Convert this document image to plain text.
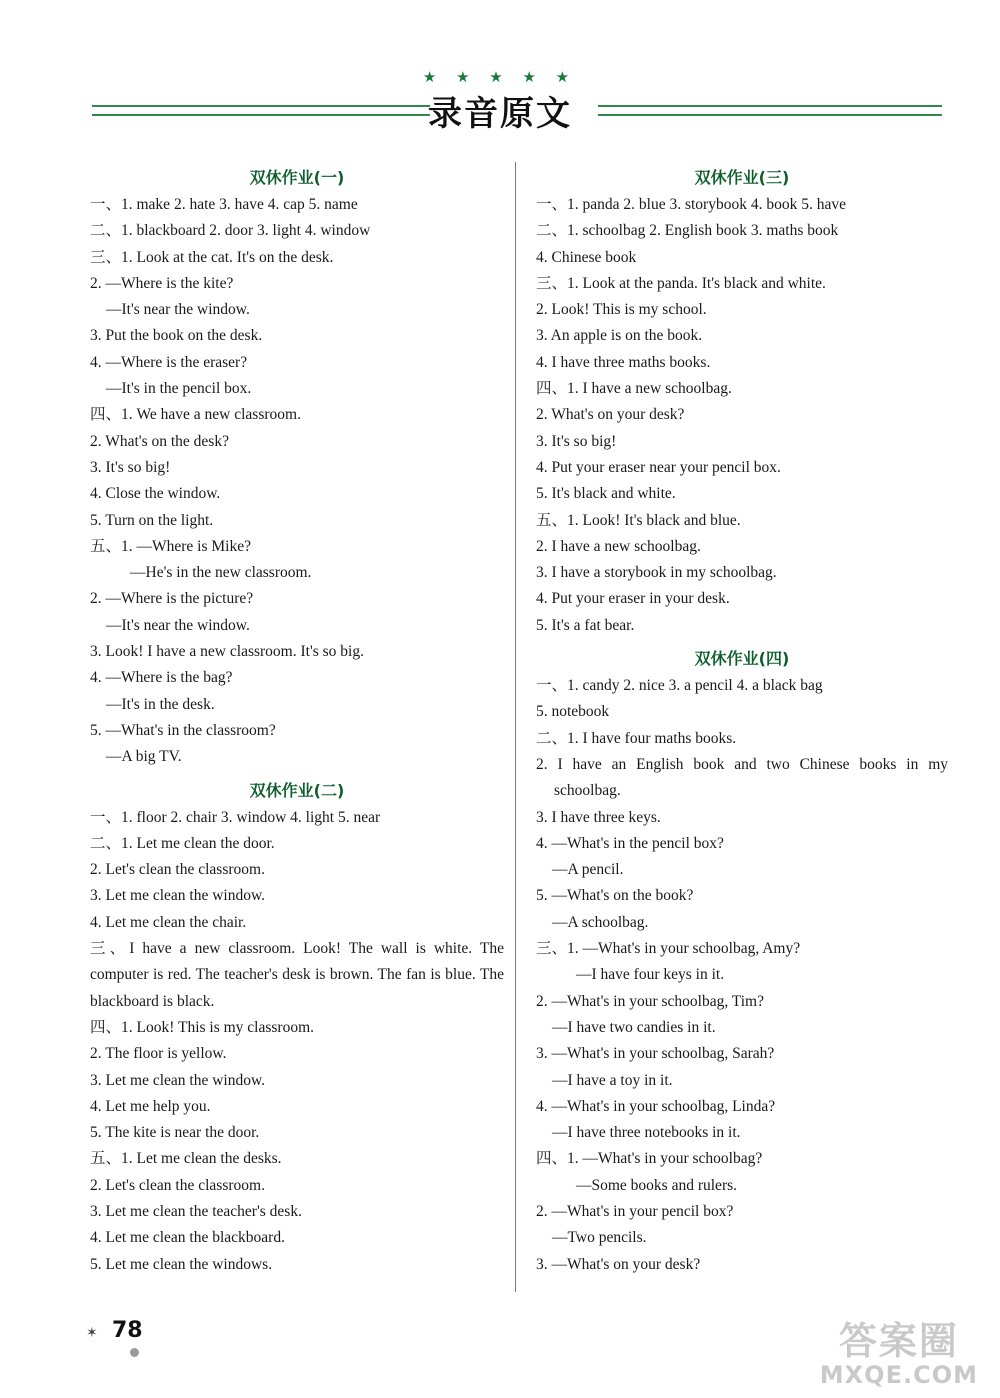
★ ★ ★ ★ ★
录音原文
双休作业(一)
一、1. make 2. hate 3. have 4. cap 5. name
二、1. blackboard 2. door 3. light 4. window
三、1. Look at the cat. It's on the desk.
2. —Where is the kite?
—It's near the window.
3. Put the book on the desk.
4. —Where is the eraser?
—It's in the pencil box.
四、1. We have a new classroom.
2. What's on the desk?
3. It's so big!
4. Close the window.
5. Turn on the light.
五、1. —Where is Mike?
—He's in the new classroom.
2. —Where is the picture?
—It's near the window.
3. Look! I have a new classroom. It's so big.
4. —Where is the bag?
—It's in the desk.
5. —What's in the classroom?
—A big TV.
双休作业(二)
一、1. floor 2. chair 3. window 4. light 5. near
二、1. Let me clean the door.
2. Let's clean the classroom.
3. Let me clean the window.
4. Let me clean the chair.
三、I have a new classroom. Look! The wall is white. The computer is red. The teacher's desk is brown. The fan is blue. The blackboard is black.
四、1. Look! This is my classroom.
2. The floor is yellow.
3. Let me clean the window.
4. Let me help you.
5. The kite is near the door.
五、1. Let me clean the desks.
2. Let's clean the classroom.
3. Let me clean the teacher's desk.
4. Let me clean the blackboard.
5. Let me clean the windows.
双休作业(三)
一、1. panda 2. blue 3. storybook 4. book 5. have
二、1. schoolbag 2. English book 3. maths book
4. Chinese book
三、1. Look at the panda. It's black and white.
2. Look! This is my school.
3. An apple is on the book.
4. I have three maths books.
四、1. I have a new schoolbag.
2. What's on your desk?
3. It's so big!
4. Put your eraser near your pencil box.
5. It's black and white.
五、1. Look! It's black and blue.
2. I have a new schoolbag.
3. I have a storybook in my schoolbag.
4. Put your eraser in your desk.
5. It's a fat bear.
双休作业(四)
一、1. candy 2. nice 3. a pencil 4. a black bag
5. notebook
二、1. I have four maths books.
2. I have an English book and two Chinese books in my schoolbag.
3. I have three keys.
4. —What's in the pencil box?
—A pencil.
5. —What's on the book?
—A schoolbag.
三、1. —What's in your schoolbag, Amy?
—I have four keys in it.
2. —What's in your schoolbag, Tim?
—I have two candies in it.
3. —What's in your schoolbag, Sarah?
—I have a toy in it.
4. —What's in your schoolbag, Linda?
—I have three notebooks in it.
四、1. —What's in your schoolbag?
—Some books and rulers.
2. —What's in your pencil box?
—Two pencils.
3. —What's on your desk?
✶ 78	答案圈
MXQE.COM
